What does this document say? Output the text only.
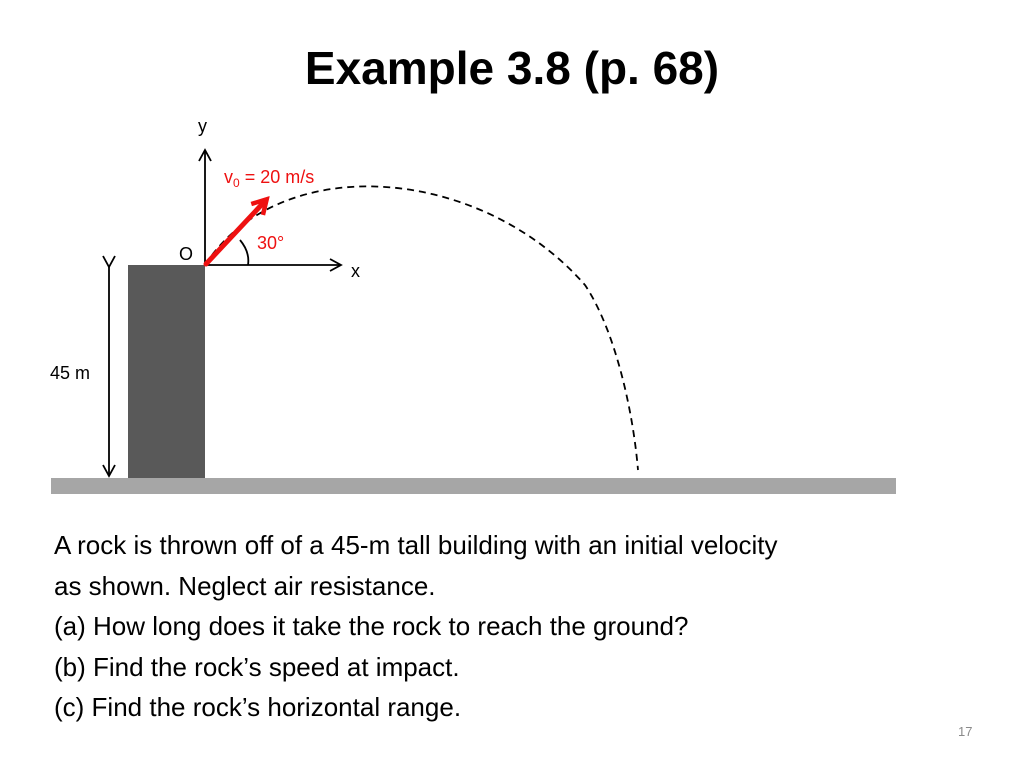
Example 3.8 (p. 68)
45 m
y
x
O
30°
$v_0 = 20$ m/s

A rock is thrown off of a 45-m tall building with an initial velocity

as shown. Neglect air resistance.

(a) How long does it take the rock to reach the ground?

(b) Find the rock’s speed at impact.

(c) Find the rock’s horizontal range.

17
